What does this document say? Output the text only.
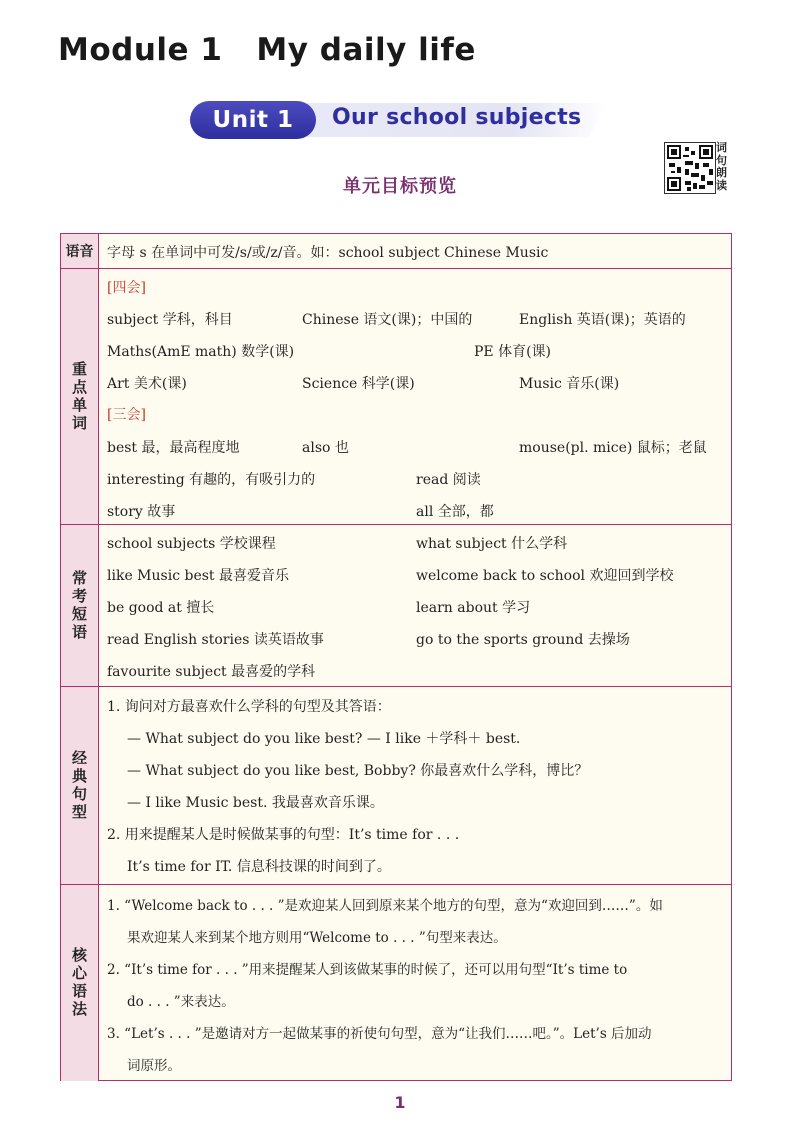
Module 1 My daily life
Unit 1	Our school subjects
词句朗读
单元目标预览
语音 字母 s 在单词中可发/s/或/z/音。如：school subject Chinese Music
重点单词
[四会]
subject 学科，科目	Chinese 语文(课)；中国的	English 英语(课)；英语的
Maths(AmE math) 数学(课)	PE 体育(课)
Art 美术(课)	Science 科学(课)	Music 音乐(课)
[三会]
best 最，最高程度地	also 也	mouse(pl. mice) 鼠标；老鼠
interesting 有趣的，有吸引力的	read 阅读
story 故事	all 全部，都
常考短语
school subjects 学校课程	what subject 什么学科
like Music best 最喜爱音乐	welcome back to school 欢迎回到学校
be good at 擅长	learn about 学习
read English stories 读英语故事	go to the sports ground 去操场
favourite subject 最喜爱的学科
经典句型
1. 询问对方最喜欢什么学科的句型及其答语：
— What subject do you like best? — I like ＋学科＋ best.
— What subject do you like best, Bobby? 你最喜欢什么学科，博比？
— I like Music best. 我最喜欢音乐课。
2. 用来提醒某人是时候做某事的句型：It’s time for . . .
It’s time for IT. 信息科技课的时间到了。
核心语法
1. “Welcome back to . . . ”是欢迎某人回到原来某个地方的句型，意为“欢迎回到……”。如
果欢迎某人来到某个地方则用“Welcome to . . . ”句型来表达。
2. “It’s time for . . . ”用来提醒某人到该做某事的时候了，还可以用句型“It’s time to
do . . . ”来表达。
3. “Let’s . . . ”是邀请对方一起做某事的祈使句句型，意为“让我们……吧。”。Let’s 后加动
词原形。
1
